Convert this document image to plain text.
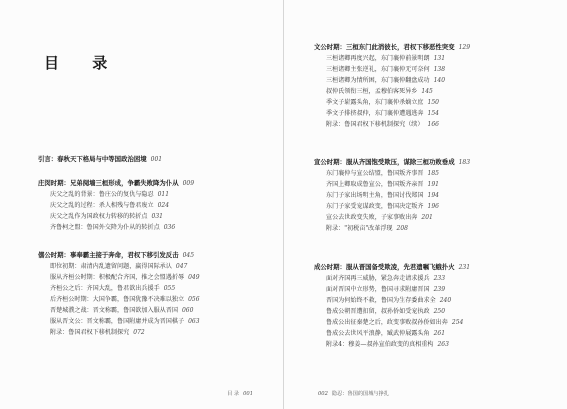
目 录
引言：春秋天下格局与中等国政治困境 001
庄闵时期：兄弟阋墙三桓形成，争霸失败降为仆从 009
庆父之乱的背景：鲁庄公的复仇与隐忍 011
庆父之乱的过程：杀人相残与鲁君废立 024
庆父之乱作为国政权力转移的转折点 031
齐鲁柯之盟：鲁国外交降为仆从的转折点 036
僖公时期：事奉霸主接于奔命，君权下移引发反击 045
即位初期：肃清内乱遗留问题，赢得国际承认 047
服从齐桓公时期：积极配合齐国，推之会盟遇折辱 049
齐桓公之后：齐国大乱，鲁君欲出兵援手 055
后齐桓公时期：大国争霸，鲁国犹豫不决难以独立 056
晋楚城濮之战：晋文称霸，鲁国欲加入服从晋国 060
服从晋文公：晋文称霸，鲁国附庸并成为晋国棋子 063
附录：鲁国君权下移机制探究 072
目 录 001
文公时期：三桓东门此消彼长，君权下移恶性突变 129
三桓诸卿再度兴起，东门襄仲前景明朗 131
三桓诸卿主张逆礼，东门襄仲无可奈何 138
三桓诸卿为情所困，东门襄仲翻盘成功 140
叔仲氏领衔三桓，孟穆伯客死异乡 145
季文子崭露头角，东门襄仲杀嫡立庶 150
季文子排挤叔仲，东门襄仲遭遇逃奔 154
附录：鲁国君权下移机制探究（续） 166
宣公时期：服从齐国饱受欺压，谋除三桓功败垂成 183
东门襄仲与宣公结盟，鲁国叛齐事晋 185
齐国上卿取成鲁宣公，鲁国叛齐亲晋 191
东门子家出场明主角，鲁国讨伐郑国 194
东门子家受宠谋政变，鲁国决定叛齐 196
宣公去世政变失败，子家事败出奔 201
附录："初税亩"改革浮现 208
成公时期：服从晋国备受欺凌，先君遗嘱飞蛾扑火 231
面对齐国再三威胁，紧急奔走请求援兵 233
面对晋国中立形势，鲁国寻求附庸晋国 239
晋国为何始终不救，鲁国为生存委曲求全 240
鲁成公朝晋遭扣留，叔孙侨如受宠执政 250
鲁成公出征秦楚之后，政变事败叔孙侨如出奔 254
鲁成公去世风平浪静，臧武仲展露头角 261
附录4：穆姜—叔孙宣伯政变的真相重构 263
002 隐忍：鲁国的国城与挣扎
